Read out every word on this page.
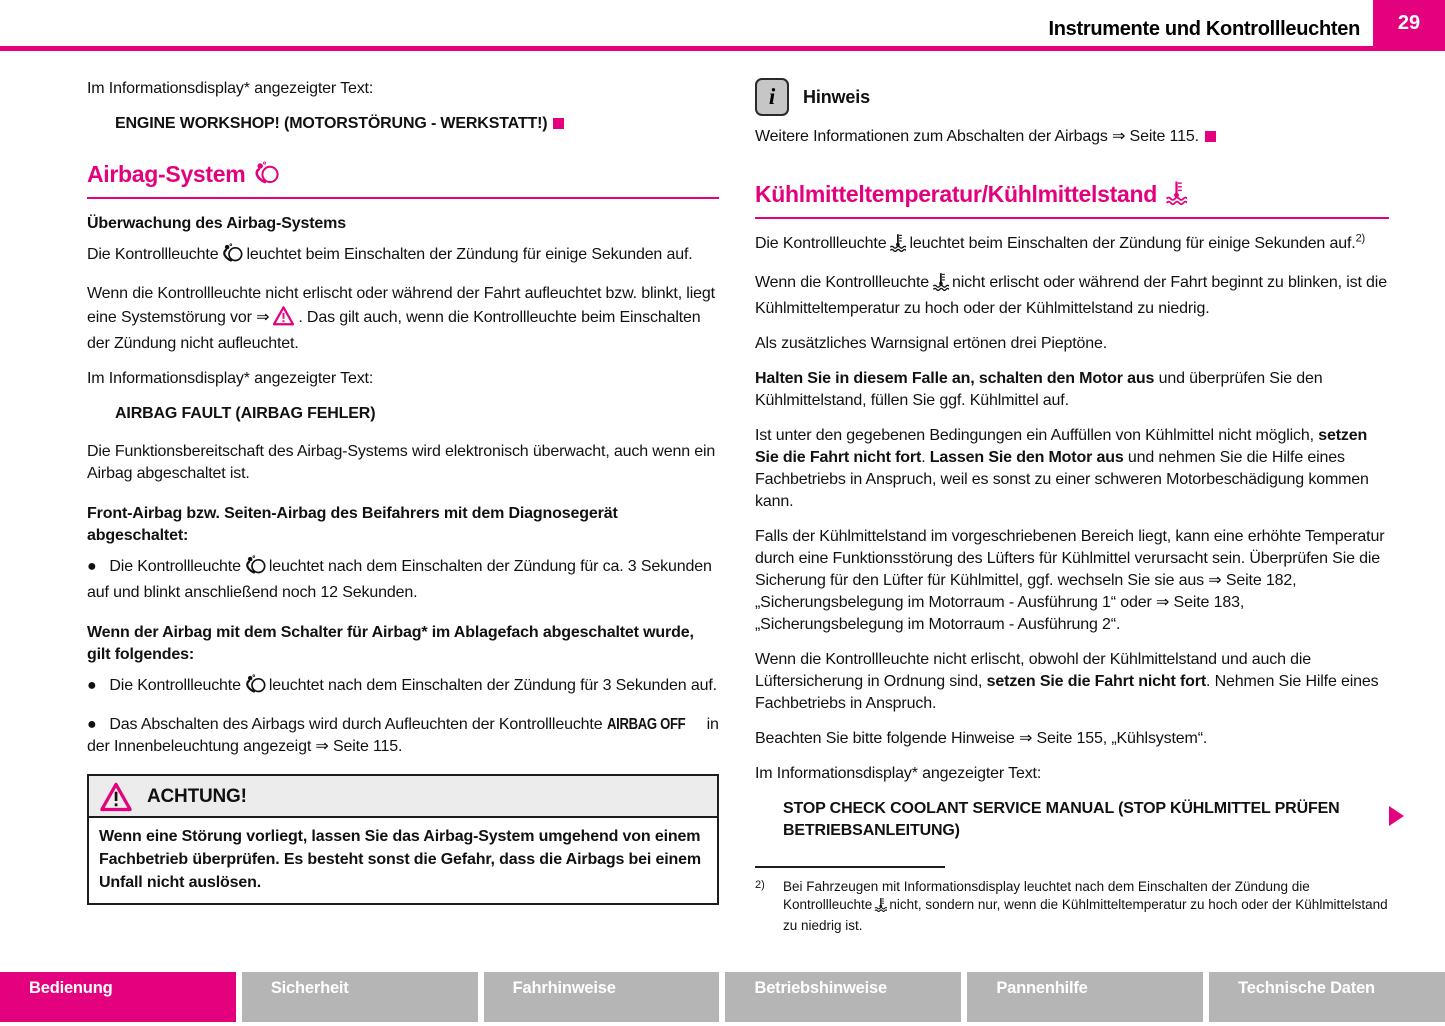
Instrumente und Kontrollleuchten	29

Im Informationsdisplay* angezeigter Text:

ENGINE WORKSHOP! (MOTORSTÖRUNG - WERKSTATT!)

Airbag-System

Überwachung des Airbag-Systems

Die Kontrollleuchte leuchtet beim Einschalten der Zündung für einige Sekunden auf.

Wenn die Kontrollleuchte nicht erlischt oder während der Fahrt aufleuchtet bzw. blinkt, liegt eine Systemstörung vor ⇒ . Das gilt auch, wenn die Kontrollleuchte beim Einschalten der Zündung nicht aufleuchtet.

Im Informationsdisplay* angezeigter Text:

AIRBAG FAULT (AIRBAG FEHLER)

Die Funktionsbereitschaft des Airbag-Systems wird elektronisch überwacht, auch wenn ein Airbag abgeschaltet ist.

Front-Airbag bzw. Seiten-Airbag des Beifahrers mit dem Diagnosegerät abgeschaltet:

● Die Kontrollleuchte leuchtet nach dem Einschalten der Zündung für ca. 3 Sekunden auf und blinkt anschließend noch 12 Sekunden.

Wenn der Airbag mit dem Schalter für Airbag* im Ablagefach abgeschaltet wurde, gilt folgendes:

● Die Kontrollleuchte leuchtet nach dem Einschalten der Zündung für 3 Sekunden auf.

● Das Abschalten des Airbags wird durch Aufleuchten der Kontrollleuchte AIRBAG OFF in der Innenbeleuchtung angezeigt ⇒ Seite 115.

ACHTUNG!
Wenn eine Störung vorliegt, lassen Sie das Airbag-System umgehend von einem Fachbetrieb überprüfen. Es besteht sonst die Gefahr, dass die Airbags bei einem Unfall nicht auslösen.
i	Hinweis

Weitere Informationen zum Abschalten der Airbags ⇒ Seite 115.

Kühlmitteltemperatur/Kühlmittelstand

Die Kontrollleuchte leuchtet beim Einschalten der Zündung für einige Sekunden auf.$^{2)}$

Wenn die Kontrollleuchte nicht erlischt oder während der Fahrt beginnt zu blinken, ist die Kühlmitteltemperatur zu hoch oder der Kühlmittelstand zu niedrig.

Als zusätzliches Warnsignal ertönen drei Pieptöne.

Halten Sie in diesem Falle an, schalten den Motor aus und überprüfen Sie den Kühlmittelstand, füllen Sie ggf. Kühlmittel auf.

Ist unter den gegebenen Bedingungen ein Auffüllen von Kühlmittel nicht möglich, setzen Sie die Fahrt nicht fort. Lassen Sie den Motor aus und nehmen Sie die Hilfe eines Fachbetriebs in Anspruch, weil es sonst zu einer schweren Motorbeschädigung kommen kann.

Falls der Kühlmittelstand im vorgeschriebenen Bereich liegt, kann eine erhöhte Temperatur durch eine Funktionsstörung des Lüfters für Kühlmittel verursacht sein. Überprüfen Sie die Sicherung für den Lüfter für Kühlmittel, ggf. wechseln Sie sie aus ⇒ Seite 182, „Sicherungsbelegung im Motorraum - Ausführung 1“ oder ⇒ Seite 183, „Sicherungsbelegung im Motorraum - Ausführung 2“.

Wenn die Kontrollleuchte nicht erlischt, obwohl der Kühlmittelstand und auch die Lüftersicherung in Ordnung sind, setzen Sie die Fahrt nicht fort. Nehmen Sie Hilfe eines Fachbetriebs in Anspruch.

Beachten Sie bitte folgende Hinweise ⇒ Seite 155, „Kühlsystem“.

Im Informationsdisplay* angezeigter Text:

STOP CHECK COOLANT SERVICE MANUAL (STOP KÜHLMITTEL PRÜFEN BETRIEBSANLEITUNG)

2)	Bei Fahrzeugen mit Informationsdisplay leuchtet nach dem Einschalten der Zündung die Kontrollleuchte nicht, sondern nur, wenn die Kühlmitteltemperatur zu hoch oder der Kühlmittelstand zu niedrig ist.
Bedienung	Sicherheit	Fahrhinweise	Betriebshinweise	Pannenhilfe	Technische Daten
